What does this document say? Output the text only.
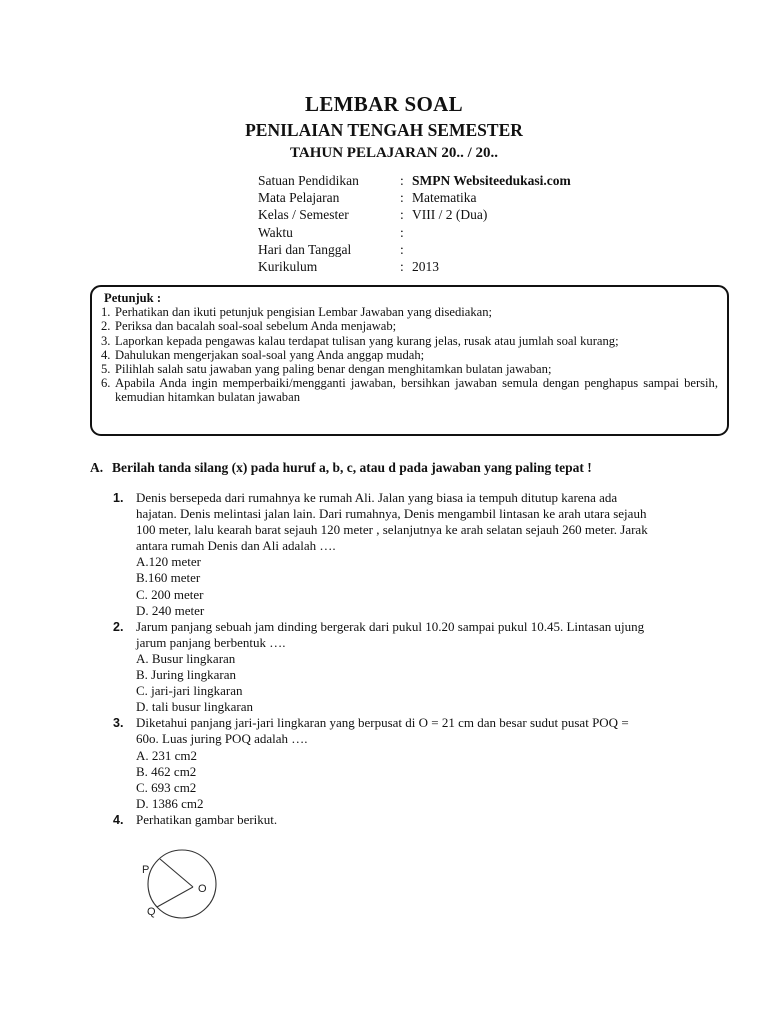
LEMBAR SOAL
PENILAIAN TENGAH SEMESTER
TAHUN PELAJARAN 20.. / 20..
Satuan Pendidikan	: SMPN Websiteedukasi.com
Mata Pelajaran	: Matematika
Kelas / Semester	: VIII / 2 (Dua)
Waktu	:
Hari dan Tanggal	:
Kurikulum	: 2013
Petunjuk :
1. Perhatikan dan ikuti petunjuk pengisian Lembar Jawaban yang disediakan;
2. Periksa dan bacalah soal-soal sebelum Anda menjawab;
3. Laporkan kepada pengawas kalau terdapat tulisan yang kurang jelas, rusak atau jumlah soal kurang;
4. Dahulukan mengerjakan soal-soal yang Anda anggap mudah;
5. Pilihlah salah satu jawaban yang paling benar dengan menghitamkan bulatan jawaban;
6. Apabila Anda ingin memperbaiki/mengganti jawaban, bersihkan jawaban semula dengan penghapus sampai bersih, kemudian hitamkan bulatan jawaban
A. Berilah tanda silang (x) pada huruf a, b, c, atau d pada jawaban yang paling tepat !
1. Denis bersepeda dari rumahnya ke rumah Ali. Jalan yang biasa ia tempuh ditutup karena ada hajatan. Denis melintasi jalan lain. Dari rumahnya, Denis mengambil lintasan ke arah utara sejauh 100 meter, lalu kearah barat sejauh 120 meter , selanjutnya ke arah selatan sejauh 260 meter. Jarak antara rumah Denis dan Ali adalah ….
A.120 meter
B.160 meter
C. 200 meter
D. 240 meter
2. Jarum panjang sebuah jam dinding bergerak dari pukul 10.20 sampai pukul 10.45. Lintasan ujung jarum panjang berbentuk ….
A. Busur lingkaran
B. Juring lingkaran
C. jari-jari lingkaran
D. tali busur lingkaran
3. Diketahui panjang jari-jari lingkaran yang berpusat di O = 21 cm dan besar sudut pusat POQ = 60o. Luas juring POQ adalah ….
A. 231 cm2
B. 462 cm2
C. 693 cm2
D. 1386 cm2
4. Perhatikan gambar berikut.
P
Q
O
